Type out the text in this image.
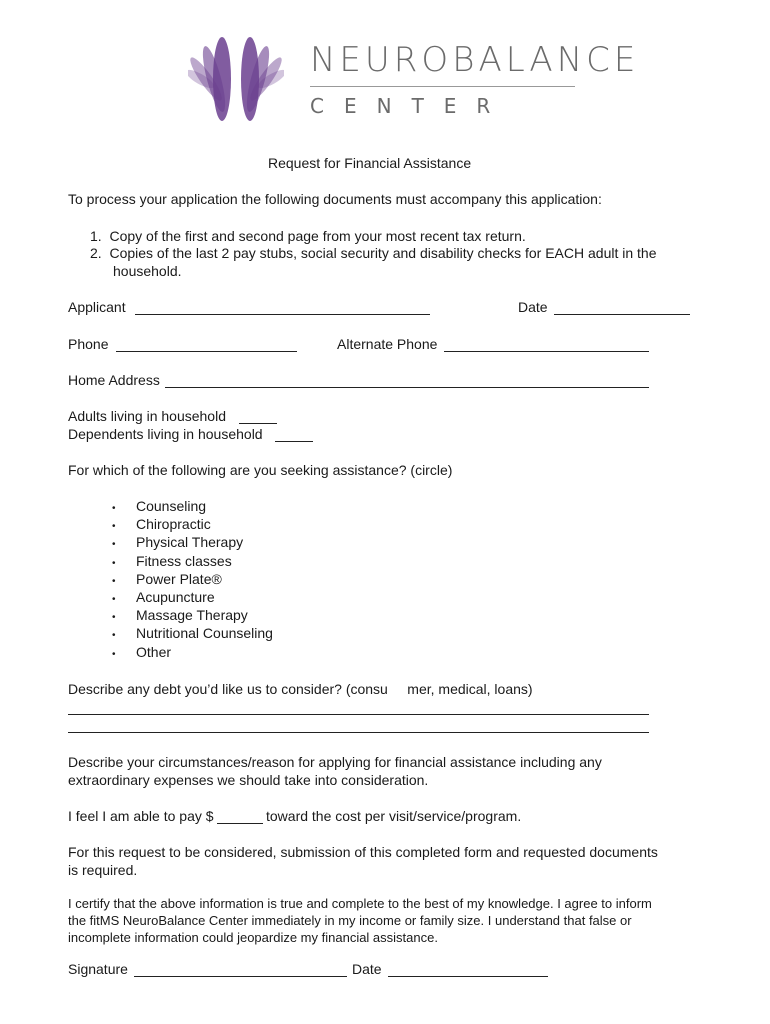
NEUROBALANCE
CENTER
Request for Financial Assistance
To process your application the following documents must accompany this application:
1.  Copy of the first and second page from your most recent tax return.
2.  Copies of the last 2 pay stubs, social security and disability checks for EACH adult in the
household.
Applicant	Date
Phone	Alternate Phone
Home Address
Adults living in household
Dependents living in household
For which of the following are you seeking assistance? (circle)
• Counseling
• Chiropractic
• Physical Therapy
• Fitness classes
• Power Plate®
• Acupuncture
• Massage Therapy
• Nutritional Counseling
• Other
Describe any debt you’d like us to consider? (consu     mer, medical, loans)
Describe your circumstances/reason for applying for financial assistance including any
extraordinary expenses we should take into consideration.
I feel I am able to pay $	toward the cost per visit/service/program.
For this request to be considered, submission of this completed form and requested documents
is required.
I certify that the above information is true and complete to the best of my knowledge. I agree to inform
the fitMS NeuroBalance Center immediately in my income or family size. I understand that false or
incomplete information could jeopardize my financial assistance.
Signature	Date
